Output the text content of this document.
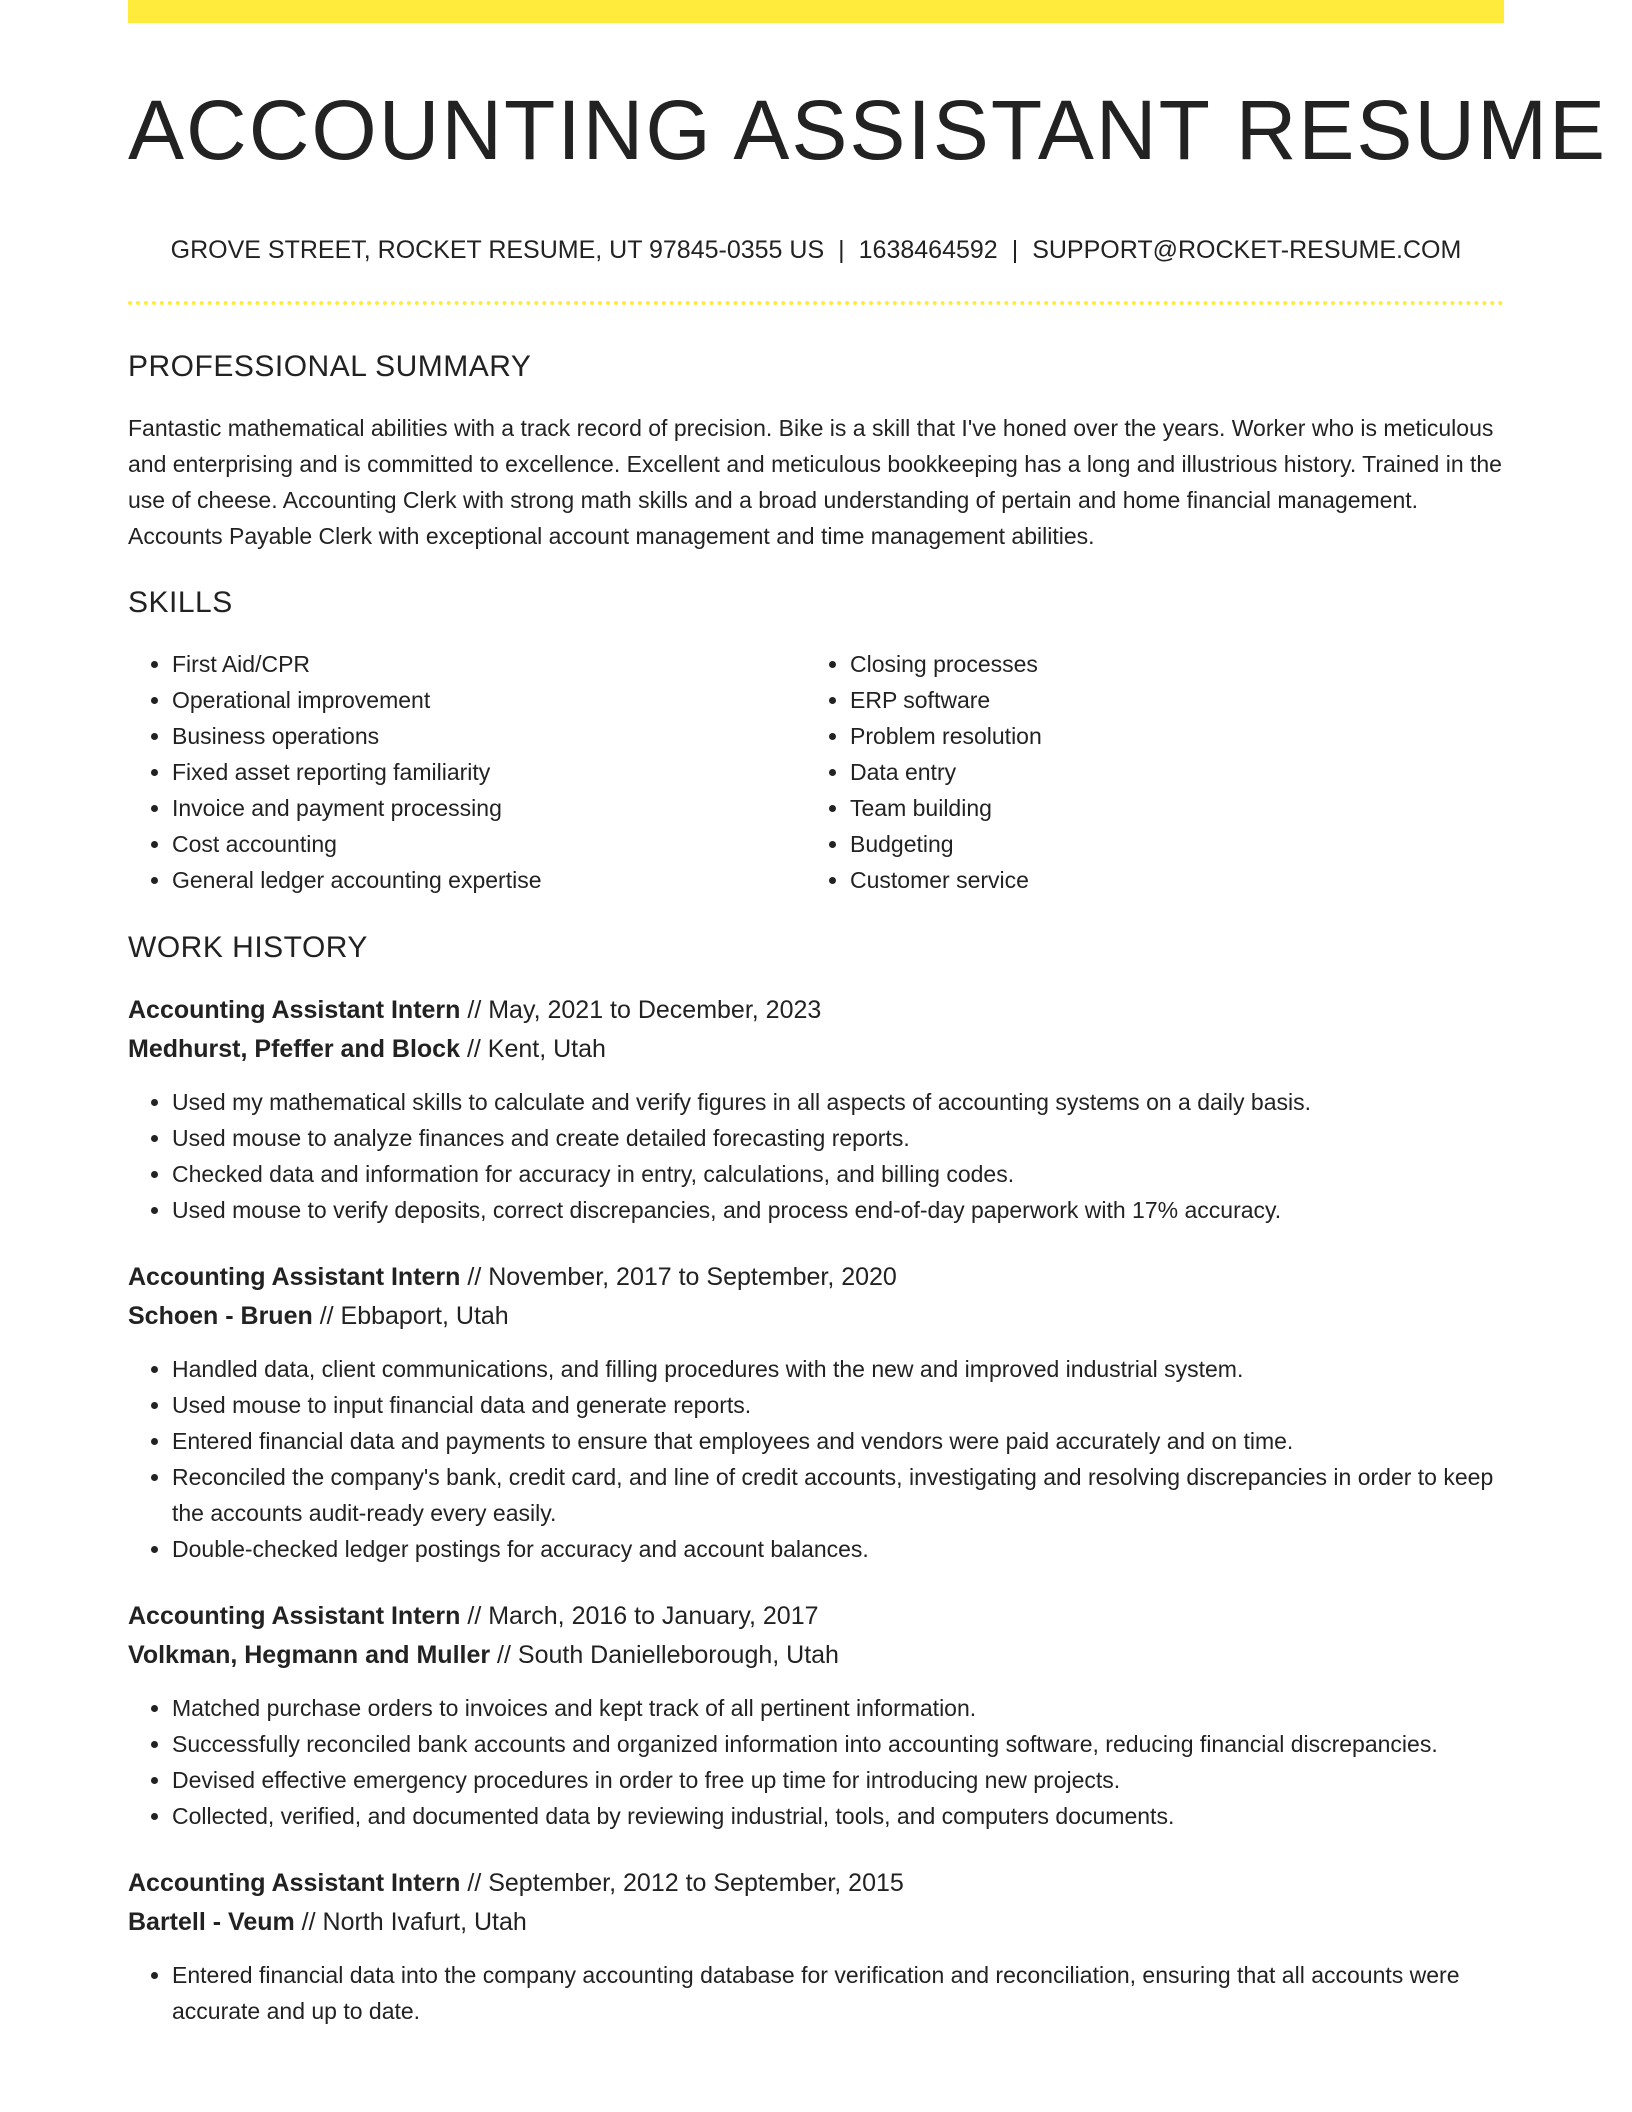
ACCOUNTING ASSISTANT RESUME
GROVE STREET, ROCKET RESUME, UT 97845-0355 US | 1638464592 | SUPPORT@ROCKET-RESUME.COM
PROFESSIONAL SUMMARY

Fantastic mathematical abilities with a track record of precision. Bike is a skill that I've honed over the years. Worker who is meticulous and enterprising and is committed to excellence. Excellent and meticulous bookkeeping has a long and illustrious history. Trained in the use of cheese. Accounting Clerk with strong math skills and a broad understanding of pertain and home financial management. Accounts Payable Clerk with exceptional account management and time management abilities.

SKILLS
• First Aid/CPR
• Operational improvement
• Business operations
• Fixed asset reporting familiarity
• Invoice and payment processing
• Cost accounting
• General ledger accounting expertise
• Closing processes
• ERP software
• Problem resolution
• Data entry
• Team building
• Budgeting
• Customer service
WORK HISTORY
Accounting Assistant Intern // May, 2021 to December, 2023
Medhurst, Pfeffer and Block // Kent, Utah
• Used my mathematical skills to calculate and verify figures in all aspects of accounting systems on a daily basis.
• Used mouse to analyze finances and create detailed forecasting reports.
• Checked data and information for accuracy in entry, calculations, and billing codes.
• Used mouse to verify deposits, correct discrepancies, and process end-of-day paperwork with 17% accuracy.
Accounting Assistant Intern // November, 2017 to September, 2020
Schoen - Bruen // Ebbaport, Utah
• Handled data, client communications, and filling procedures with the new and improved industrial system.
• Used mouse to input financial data and generate reports.
• Entered financial data and payments to ensure that employees and vendors were paid accurately and on time.
• Reconciled the company's bank, credit card, and line of credit accounts, investigating and resolving discrepancies in order to keep the accounts audit-ready every easily.
• Double-checked ledger postings for accuracy and account balances.
Accounting Assistant Intern // March, 2016 to January, 2017
Volkman, Hegmann and Muller // South Danielleborough, Utah
• Matched purchase orders to invoices and kept track of all pertinent information.
• Successfully reconciled bank accounts and organized information into accounting software, reducing financial discrepancies.
• Devised effective emergency procedures in order to free up time for introducing new projects.
• Collected, verified, and documented data by reviewing industrial, tools, and computers documents.
Accounting Assistant Intern // September, 2012 to September, 2015
Bartell - Veum // North Ivafurt, Utah
• Entered financial data into the company accounting database for verification and reconciliation, ensuring that all accounts were accurate and up to date.
